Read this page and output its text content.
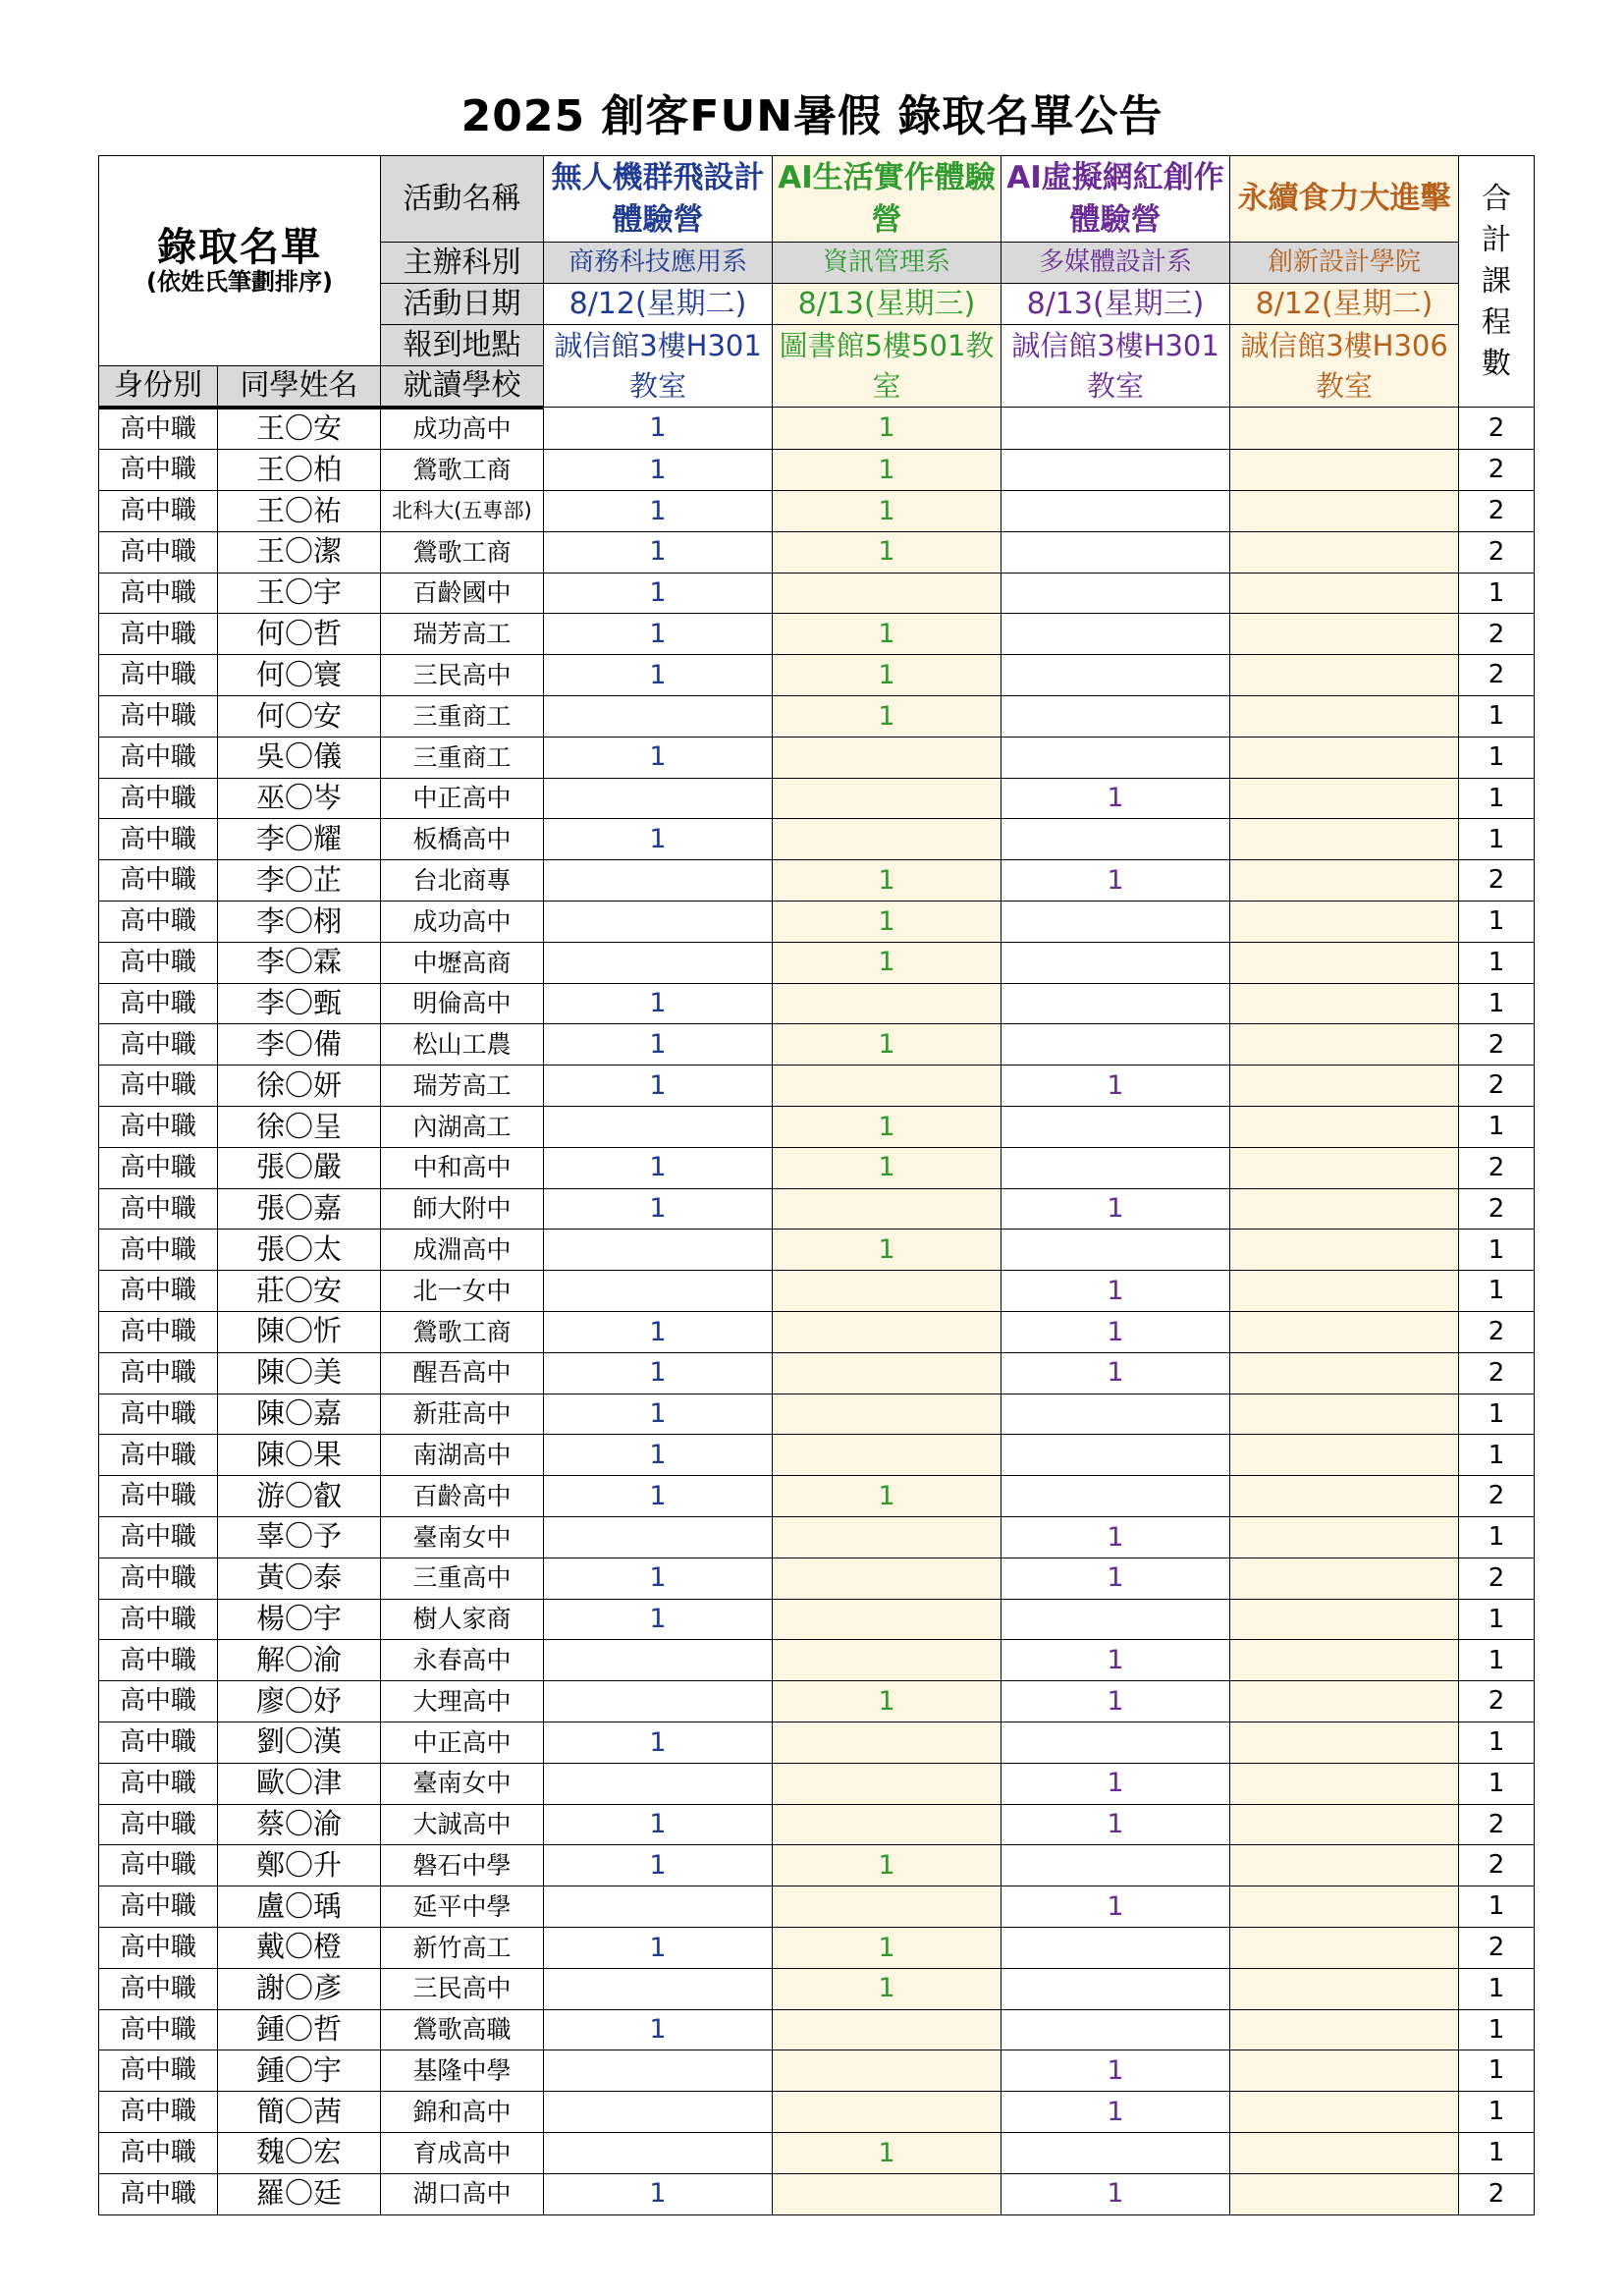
2025 創客FUN暑假 錄取名單公告
錄取名單
(依姓氏筆劃排序)		活動名稱	無人機群飛設計體驗營	AI生活實作體驗營	AI虛擬網紅創作體驗營	永續食力大進擊	合計課程數

		主辦科別	商務科技應用系	資訊管理系	多媒體設計系	創新設計學院	
		活動日期	8/12(星期二)	8/13(星期三)	8/13(星期三)	8/12(星期二)	
		報到地點	誠信館3樓H301教室	圖書館5樓501教室	誠信館3樓H301教室	誠信館3樓H306教室	
身份別	同學姓名	就讀學校					
高中職	王〇安	成功高中	1	1			2
高中職	王〇柏	鶯歌工商	1	1			2
高中職	王〇祐	北科大(五專部)	1	1			2
高中職	王〇潔	鶯歌工商	1	1			2
高中職	王〇宇	百齡國中	1				1
高中職	何〇哲	瑞芳高工	1	1			2
高中職	何〇寰	三民高中	1	1			2
高中職	何〇安	三重商工		1			1
高中職	吳〇儀	三重商工	1				1
高中職	巫〇岑	中正高中			1		1
高中職	李〇耀	板橋高中	1				1
高中職	李〇芷	台北商專		1	1		2
高中職	李〇栩	成功高中		1			1
高中職	李〇霖	中壢高商		1			1
高中職	李〇甄	明倫高中	1				1
高中職	李〇備	松山工農	1	1			2
高中職	徐〇妍	瑞芳高工	1		1		2
高中職	徐〇呈	內湖高工		1			1
高中職	張〇嚴	中和高中	1	1			2
高中職	張〇嘉	師大附中	1		1		2
高中職	張〇太	成淵高中		1			1
高中職	莊〇安	北一女中			1		1
高中職	陳〇忻	鶯歌工商	1		1		2
高中職	陳〇美	醒吾高中	1		1		2
高中職	陳〇嘉	新莊高中	1				1
高中職	陳〇果	南湖高中	1				1
高中職	游〇叡	百齡高中	1	1			2
高中職	辜〇予	臺南女中			1		1
高中職	黃〇泰	三重高中	1		1		2
高中職	楊〇宇	樹人家商	1				1
高中職	解〇渝	永春高中			1		1
高中職	廖〇妤	大理高中		1	1		2
高中職	劉〇漢	中正高中	1				1
高中職	歐〇津	臺南女中			1		1
高中職	蔡〇渝	大誠高中	1		1		2
高中職	鄭〇升	磐石中學	1	1			2
高中職	盧〇瑀	延平中學			1		1
高中職	戴〇橙	新竹高工	1	1			2
高中職	謝〇彥	三民高中		1			1
高中職	鍾〇哲	鶯歌高職	1				1
高中職	鍾〇宇	基隆中學			1		1
高中職	簡〇茜	錦和高中			1		1
高中職	魏〇宏	育成高中		1			1
高中職	羅〇廷	湖口高中	1		1		2
